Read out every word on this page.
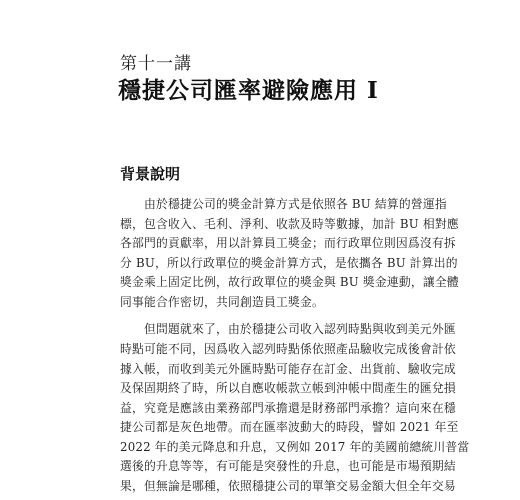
第十一講
穩捷公司匯率避險應用 I
背景說明
由於穩捷公司的獎金計算方式是依照各 BU 結算的營運指
標，包含收入、毛利、淨利、收款及時等數據，加計 BU 相對應
各部門的貢獻率，用以計算員工獎金；而行政單位則因爲沒有拆
分 BU，所以行政單位的獎金計算方式，是依攜各 BU 計算出的
獎金乘上固定比例，故行政單位的獎金與 BU 獎金連動，讓全體
同事能合作密切，共同創造員工獎金。
但問題就來了，由於穩捷公司收入認列時點與收到美元外匯
時點可能不同，因爲收入認列時點係依照產品驗收完成後會計依
據入帳，而收到美元外匯時點可能存在訂金、出貨前、驗收完成
及保固期終了時，所以自應收帳款立帳到沖帳中間產生的匯兌損
益，究竟是應該由業務部門承擔還是財務部門承擔？這向來在穩
捷公司都是灰色地帶。而在匯率波動大的時段，譬如 2021 年至
2022 年的美元降息和升息，又例如 2017 年的美國前總統川普當
選後的升息等等，有可能是突發性的升息，也可能是市場預期結
果，但無論是哪種，依照穩捷公司的單筆交易金額大但全年交易
